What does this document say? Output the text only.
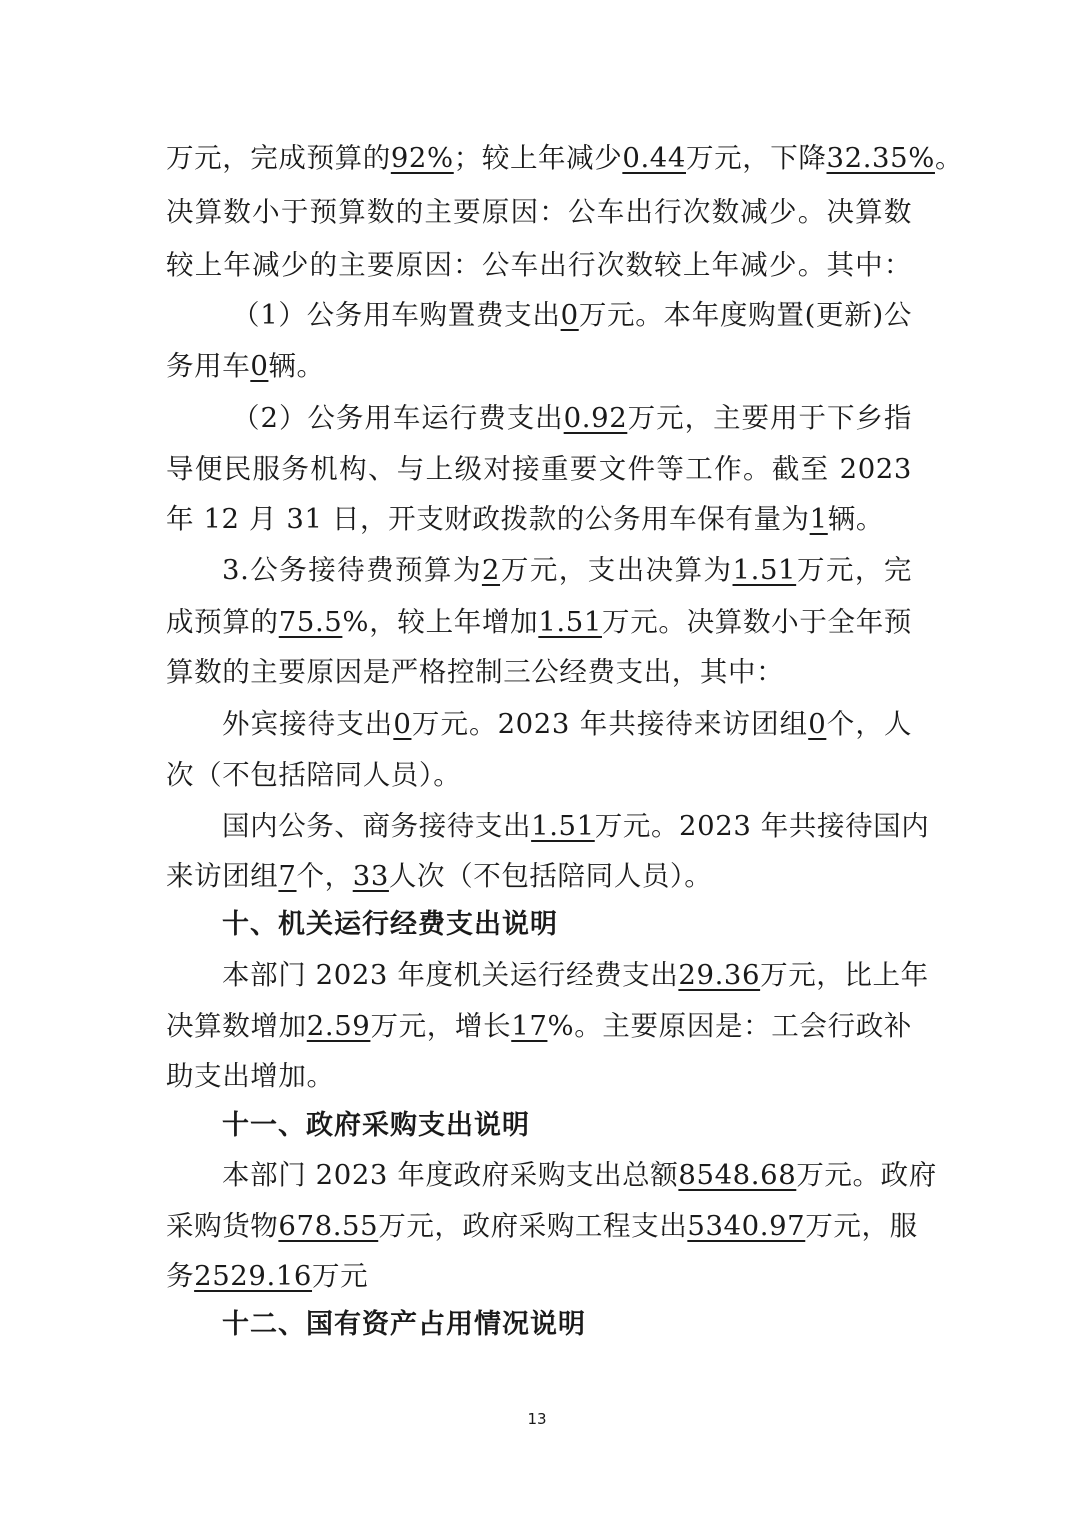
万元，完成预算的92%；较上年减少0.44万元，下降32.35%。
决算数小于预算数的主要原因：公车出行次数减少。决算数
较上年减少的主要原因：公车出行次数较上年减少。其中：
（1）公务用车购置费支出0万元。本年度购置(更新)公
务用车0辆。
（2）公务用车运行费支出0.92万元，主要用于下乡指
导便民服务机构、与上级对接重要文件等工作。截至 2023
年 12 月 31 日，开支财政拨款的公务用车保有量为1辆。
3.公务接待费预算为2万元，支出决算为1.51万元，完
成预算的75.5%，较上年增加1.51万元。决算数小于全年预
算数的主要原因是严格控制三公经费支出，其中：
外宾接待支出0万元。2023 年共接待来访团组0个，人
次（不包括陪同人员）。
国内公务、商务接待支出1.51万元。2023 年共接待国内
来访团组7个，33人次（不包括陪同人员）。
十、机关运行经费支出说明
本部门 2023 年度机关运行经费支出29.36万元，比上年
决算数增加2.59万元，增长17%。主要原因是：工会行政补
助支出增加。
十一、政府采购支出说明
本部门 2023 年度政府采购支出总额8548.68万元。政府
采购货物678.55万元，政府采购工程支出5340.97万元，服
务2529.16万元
十二、国有资产占用情况说明
13
